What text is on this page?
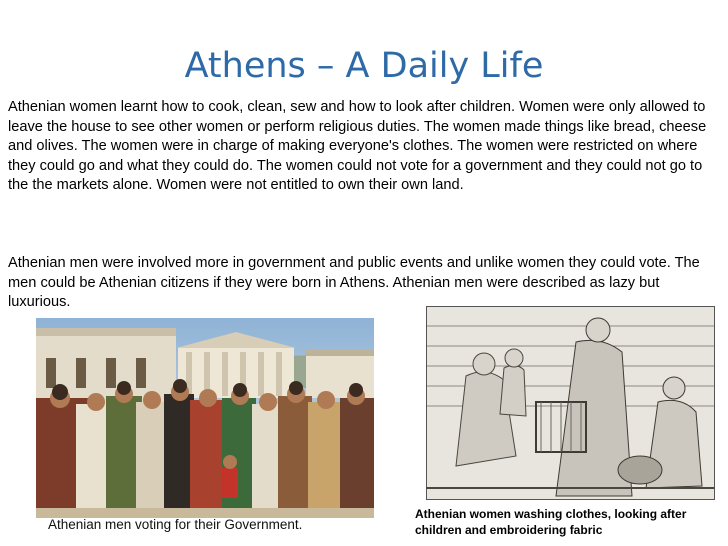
Athens – A Daily Life

Athenian women learnt how to cook, clean, sew and how to look after children. Women were only allowed to leave the house to see other women or perform religious duties. The women made things like bread, cheese and olives. The women were in charge of making everyone's clothes. The women were restricted on where they could go and what they could do. The women could not vote for a government and they could not go to the the markets alone. Women were not entitled to own their own land.

Athenian men were involved more in government and public events and unlike women they could vote. The men could be Athenian citizens if they were born in Athens. Athenian men were described as lazy but luxurious.

Athenian men voting for their Government.
Athenian women washing clothes, looking after children and embroidering fabric
